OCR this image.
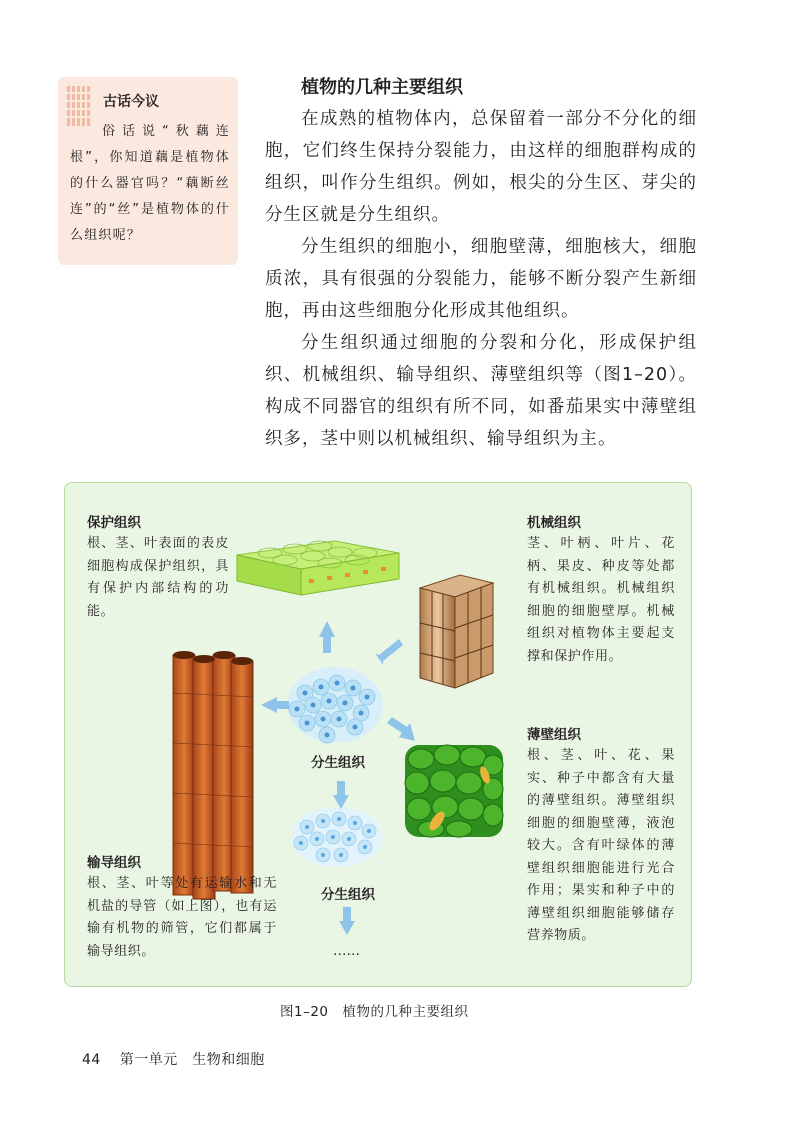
古话今议
俗话说“秋藕连根”，你知道藕是植物体的什么器官吗？“藕断丝连”的“丝”是植物体的什么组织呢？
植物的几种主要组织
在成熟的植物体内，总保留着一部分不分化的细胞，它们终生保持分裂能力，由这样的细胞群构成的组织，叫作分生组织。例如，根尖的分生区、芽尖的分生区就是分生组织。
分生组织的细胞小，细胞壁薄，细胞核大，细胞质浓，具有很强的分裂能力，能够不断分裂产生新细胞，再由这些细胞分化形成其他组织。
分生组织通过细胞的分裂和分化，形成保护组织、机械组织、输导组织、薄壁组织等（图1–20）。构成不同器官的组织有所不同，如番茄果实中薄壁组织多，茎中则以机械组织、输导组织为主。
保护组织
根、茎、叶表面的表皮细胞构成保护组织，具有保护内部结构的功能。
机械组织
茎、叶柄、叶片、花柄、果皮、种皮等处都有机械组织。机械组织细胞的细胞壁厚。机械组织对植物体主要起支撑和保护作用。
薄壁组织
根、茎、叶、花、果实、种子中都含有大量的薄壁组织。薄壁组织细胞的细胞壁薄，液泡较大。含有叶绿体的薄壁组织细胞能进行光合作用；果实和种子中的薄壁组织细胞能够储存营养物质。
输导组织
根、茎、叶等处有运输水和无机盐的导管（如上图），也有运输有机物的筛管，它们都属于输导组织。
分生组织
分生组织
……
图1–20　植物的几种主要组织
44 第一单元　生物和细胞
